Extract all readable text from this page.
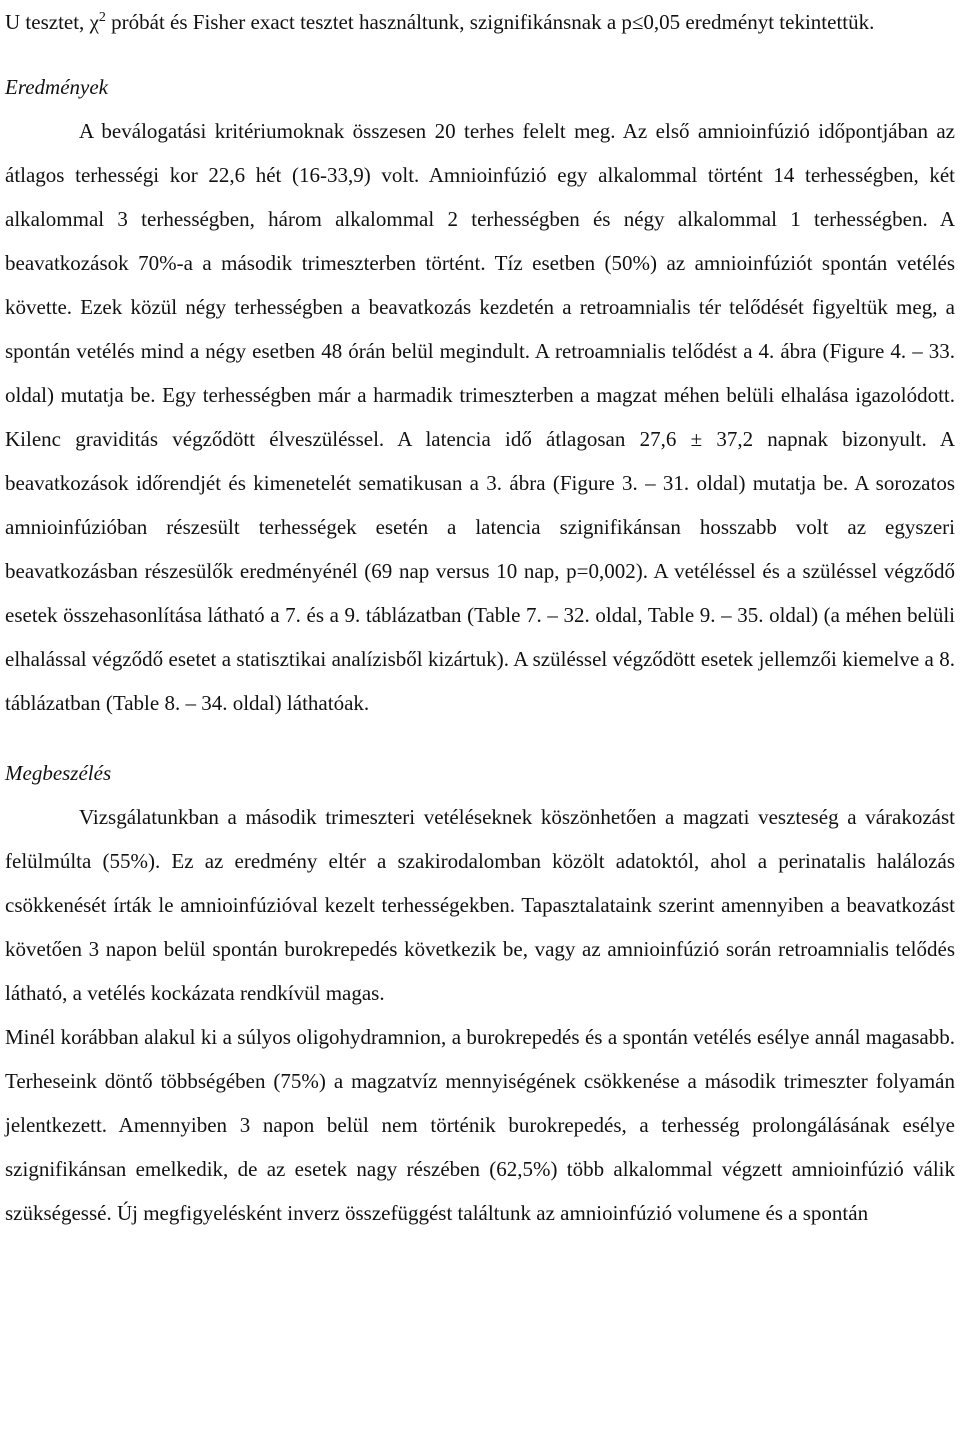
U tesztet, $\chi^2$ próbát és Fisher exact tesztet használtunk, szignifikánsnak a p≤0,05 eredményt tekintettük.

Eredmények

A beválogatási kritériumoknak összesen 20 terhes felelt meg. Az első amnioinfúzió időpontjában az átlagos terhességi kor 22,6 hét (16-33,9) volt. Amnioinfúzió egy alkalommal történt 14 terhességben, két alkalommal 3 terhességben, három alkalommal 2 terhességben és négy alkalommal 1 terhességben. A beavatkozások 70%-a a második trimeszterben történt. Tíz esetben (50%) az amnioinfúziót spontán vetélés követte. Ezek közül négy terhességben a beavatkozás kezdetén a retroamnialis tér telődését figyeltük meg, a spontán vetélés mind a négy esetben 48 órán belül megindult. A retroamnialis telődést a 4. ábra (Figure 4. – 33. oldal) mutatja be. Egy terhességben már a harmadik trimeszterben a magzat méhen belüli elhalása igazolódott. Kilenc graviditás végződött élveszüléssel. A latencia idő átlagosan 27,6 ± 37,2 napnak bizonyult. A beavatkozások időrendjét és kimenetelét sematikusan a 3. ábra (Figure 3. – 31. oldal) mutatja be. A sorozatos amnioinfúzióban részesült terhességek esetén a latencia szignifikánsan hosszabb volt az egyszeri beavatkozásban részesülők eredményénél (69 nap versus 10 nap, p=0,002). A vetéléssel és a szüléssel végződő esetek összehasonlítása látható a 7. és a 9. táblázatban (Table 7. – 32. oldal, Table 9. – 35. oldal) (a méhen belüli elhalással végződő esetet a statisztikai analízisből kizártuk). A szüléssel végződött esetek jellemzői kiemelve a 8. táblázatban (Table 8. – 34. oldal) láthatóak.

Megbeszélés

Vizsgálatunkban a második trimeszteri vetéléseknek köszönhetően a magzati veszteség a várakozást felülmúlta (55%). Ez az eredmény eltér a szakirodalomban közölt adatoktól, ahol a perinatalis halálozás csökkenését írták le amnioinfúzióval kezelt terhességekben. Tapasztalataink szerint amennyiben a beavatkozást követően 3 napon belül spontán burokrepedés következik be, vagy az amnioinfúzió során retroamnialis telődés látható, a vetélés kockázata rendkívül magas.

Minél korábban alakul ki a súlyos oligohydramnion, a burokrepedés és a spontán vetélés esélye annál magasabb. Terheseink döntő többségében (75%) a magzatvíz mennyiségének csökkenése a második trimeszter folyamán jelentkezett. Amennyiben 3 napon belül nem történik burokrepedés, a terhesség prolongálásának esélye szignifikánsan emelkedik, de az esetek nagy részében (62,5%) több alkalommal végzett amnioinfúzió válik szükségessé. Új megfigyelésként inverz összefüggést találtunk az amnioinfúzió volumene és a spontán
